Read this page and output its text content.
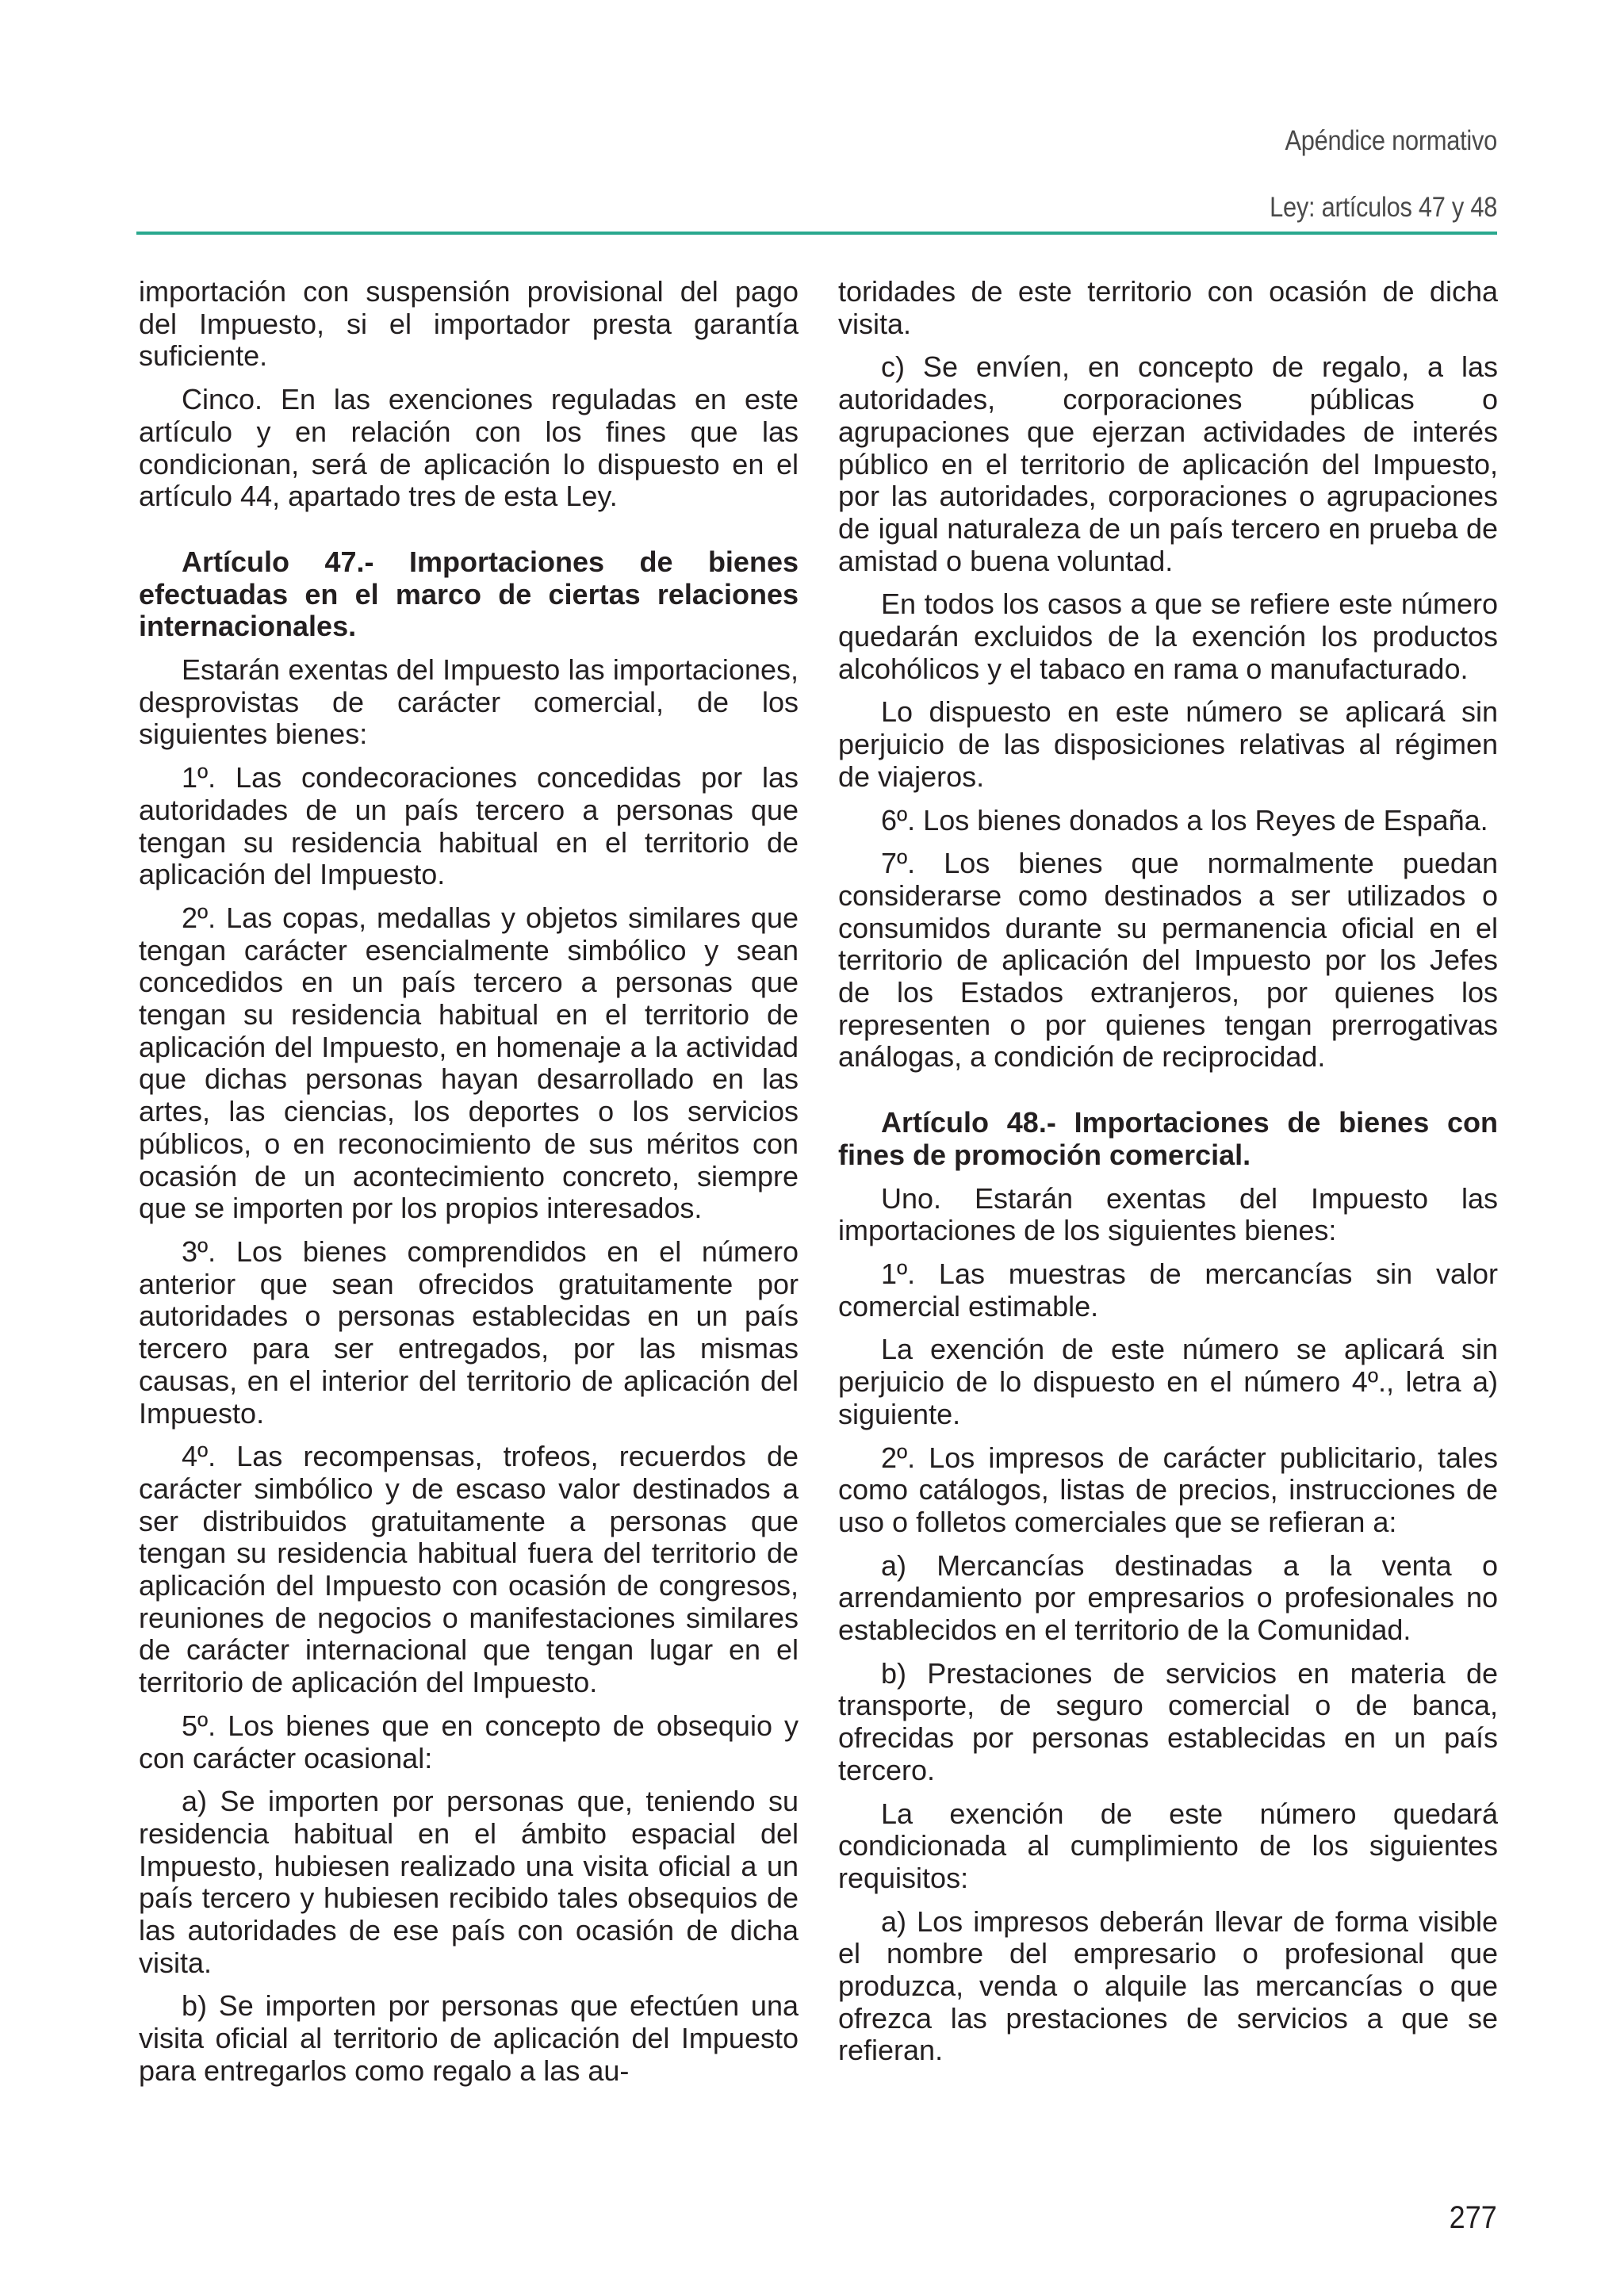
Apéndice normativo
Ley: artículos 47 y 48

importación con suspensión provisional del pago del Impuesto, si el importador presta garantía suficiente.

Cinco. En las exenciones reguladas en este artículo y en relación con los fines que las condicionan, será de aplicación lo dispuesto en el artículo 44, apartado tres de esta Ley.

Artículo 47.- Importaciones de bienes efectuadas en el marco de ciertas relaciones internacionales.

Estarán exentas del Impuesto las importaciones, desprovistas de carácter comercial, de los siguientes bienes:

1º. Las condecoraciones concedidas por las autoridades de un país tercero a personas que tengan su residencia habitual en el territorio de aplicación del Impuesto.

2º. Las copas, medallas y objetos similares que tengan carácter esencialmente simbólico y sean concedidos en un país tercero a personas que tengan su residencia habitual en el territorio de aplicación del Impuesto, en homenaje a la actividad que dichas personas hayan desarrollado en las artes, las ciencias, los deportes o los servicios públicos, o en reconocimiento de sus méritos con ocasión de un acontecimiento concreto, siempre que se importen por los propios interesados.

3º. Los bienes comprendidos en el número anterior que sean ofrecidos gratuitamente por autoridades o personas establecidas en un país tercero para ser entregados, por las mismas causas, en el interior del territorio de aplicación del Impuesto.

4º. Las recompensas, trofeos, recuerdos de carácter simbólico y de escaso valor destinados a ser distribuidos gratuitamente a personas que tengan su residencia habitual fuera del territorio de aplicación del Impuesto con ocasión de congresos, reuniones de negocios o manifestaciones similares de carácter internacional que tengan lugar en el territorio de aplicación del Impuesto.

5º. Los bienes que en concepto de obsequio y con carácter ocasional:

a) Se importen por personas que, teniendo su residencia habitual en el ámbito espacial del Impuesto, hubiesen realizado una visita oficial a un país tercero y hubiesen recibido tales obsequios de las autoridades de ese país con ocasión de dicha visita.

b) Se importen por personas que efectúen una visita oficial al territorio de aplicación del Impuesto para entregarlos como regalo a las au-

toridades de este territorio con ocasión de dicha visita.

c) Se envíen, en concepto de regalo, a las autoridades, corporaciones públicas o agrupaciones que ejerzan actividades de interés público en el territorio de aplicación del Impuesto, por las autoridades, corporaciones o agrupaciones de igual naturaleza de un país tercero en prueba de amistad o buena voluntad.

En todos los casos a que se refiere este número quedarán excluidos de la exención los productos alcohólicos y el tabaco en rama o manufacturado.

Lo dispuesto en este número se aplicará sin perjuicio de las disposiciones relativas al régimen de viajeros.

6º. Los bienes donados a los Reyes de España.

7º. Los bienes que normalmente puedan considerarse como destinados a ser utilizados o consumidos durante su permanencia oficial en el territorio de aplicación del Impuesto por los Jefes de los Estados extranjeros, por quienes los representen o por quienes tengan prerrogativas análogas, a condición de reciprocidad.

Artículo 48.- Importaciones de bienes con fines de promoción comercial.

Uno. Estarán exentas del Impuesto las importaciones de los siguientes bienes:

1º. Las muestras de mercancías sin valor comercial estimable.

La exención de este número se aplicará sin perjuicio de lo dispuesto en el número 4º., letra a) siguiente.

2º. Los impresos de carácter publicitario, tales como catálogos, listas de precios, instrucciones de uso o folletos comerciales que se refieran a:

a) Mercancías destinadas a la venta o arrendamiento por empresarios o profesionales no establecidos en el territorio de la Comunidad.

b) Prestaciones de servicios en materia de transporte, de seguro comercial o de banca, ofrecidas por personas establecidas en un país tercero.

La exención de este número quedará condicionada al cumplimiento de los siguientes requisitos:

a) Los impresos deberán llevar de forma visible el nombre del empresario o profesional que produzca, venda o alquile las mercancías o que ofrezca las prestaciones de servicios a que se refieran.

277
